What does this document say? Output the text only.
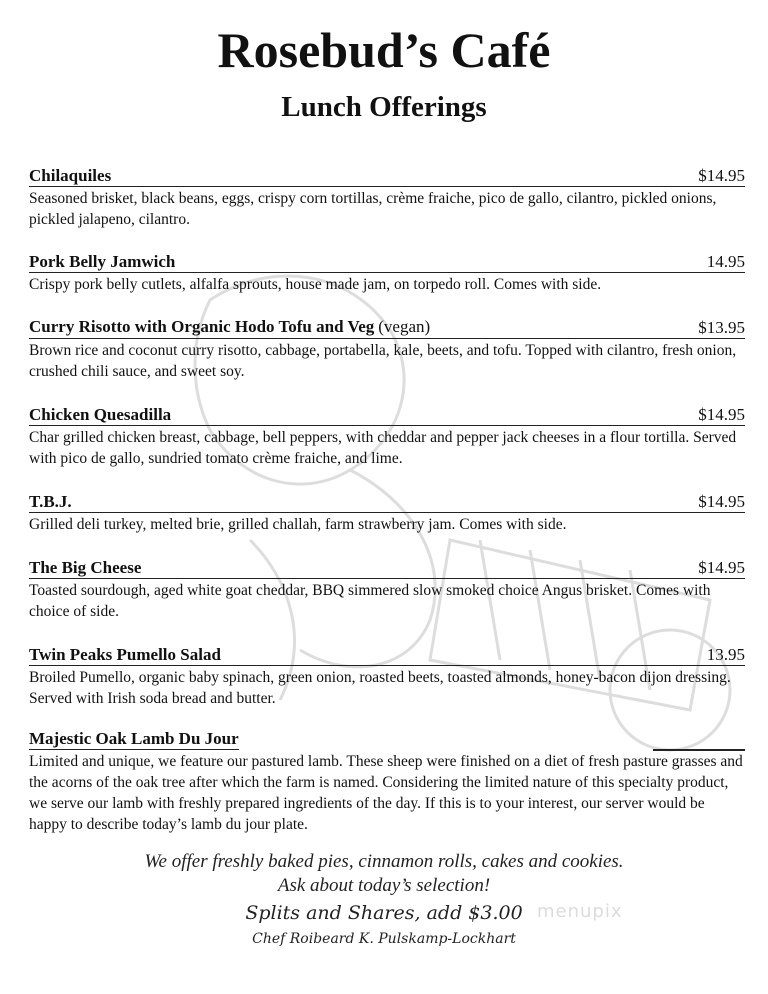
Rosebud’s Café
Lunch Offerings
Chilaquiles	$14.95
Seasoned brisket, black beans, eggs, crispy corn tortillas, crème fraiche, pico de gallo, cilantro, pickled onions, pickled jalapeno, cilantro.
Pork Belly Jamwich	14.95
Crispy pork belly cutlets, alfalfa sprouts, house made jam, on torpedo roll. Comes with side.
Curry Risotto with Organic Hodo Tofu and Veg (vegan)	$13.95
Brown rice and coconut curry risotto, cabbage, portabella, kale, beets, and tofu. Topped with cilantro, fresh onion, crushed chili sauce, and sweet soy.
Chicken Quesadilla	$14.95
Char grilled chicken breast, cabbage, bell peppers, with cheddar and pepper jack cheeses in a flour tortilla. Served with pico de gallo, sundried tomato crème fraiche, and lime.
T.B.J.	$14.95
Grilled deli turkey, melted brie, grilled challah, farm strawberry jam. Comes with side.
The Big Cheese	$14.95
Toasted sourdough, aged white goat cheddar, BBQ simmered slow smoked choice Angus brisket. Comes with choice of side.
Twin Peaks Pumello Salad	13.95
Broiled Pumello, organic baby spinach, green onion, roasted beets, toasted almonds, honey-bacon dijon dressing. Served with Irish soda bread and butter.
Majestic Oak Lamb Du Jour
Limited and unique, we feature our pastured lamb. These sheep were finished on a diet of fresh pasture grasses and the acorns of the oak tree after which the farm is named. Considering the limited nature of this specialty product, we serve our lamb with freshly prepared ingredients of the day. If this is to your interest, our server would be happy to describe today’s lamb du jour plate.
We offer freshly baked pies, cinnamon rolls, cakes and cookies.
Ask about today’s selection!
Splits and Shares, add $3.00
Chef Roibeard K. Pulskamp-Lockhart
menupix
